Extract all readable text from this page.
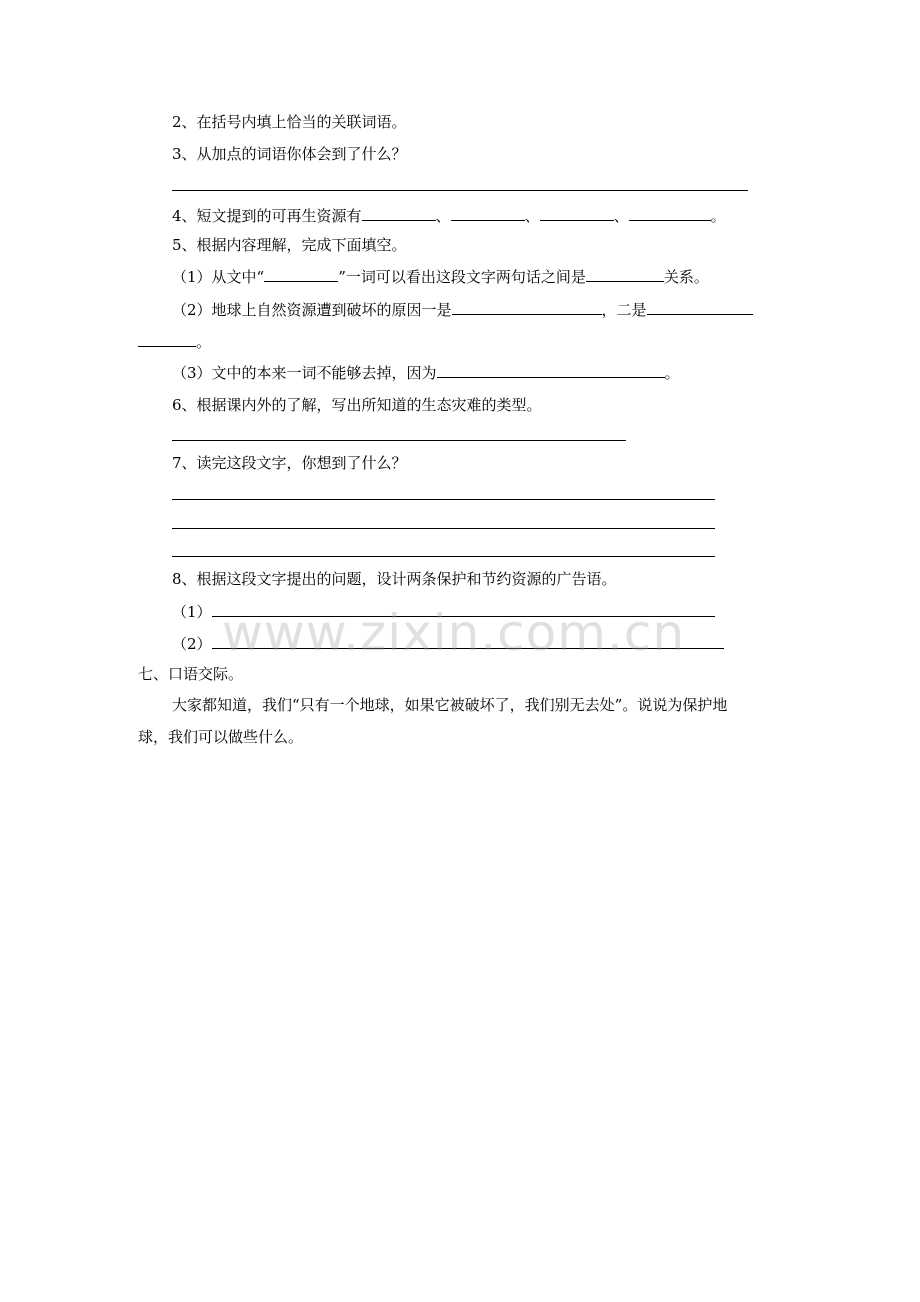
2、在括号内填上恰当的关联词语。
3、从加点的词语你体会到了什么？
4、短文提到的可再生资源有	、	、	、	。
5、根据内容理解，完成下面填空。
（1）从文中“	”一词可以看出这段文字两句话之间是	关系。
（2）地球上自然资源遭到破坏的原因一是	，二是
。
（3）文中的本来一词不能够去掉，因为	。
6、根据课内外的了解，写出所知道的生态灾难的类型。
7、读完这段文字，你想到了什么？
8、根据这段文字提出的问题，设计两条保护和节约资源的广告语。
（1）
（2）
七、口语交际。
大家都知道，我们“只有一个地球，如果它被破坏了，我们别无去处”。说说为保护地
球，我们可以做些什么。
www.zixin.com.cn
